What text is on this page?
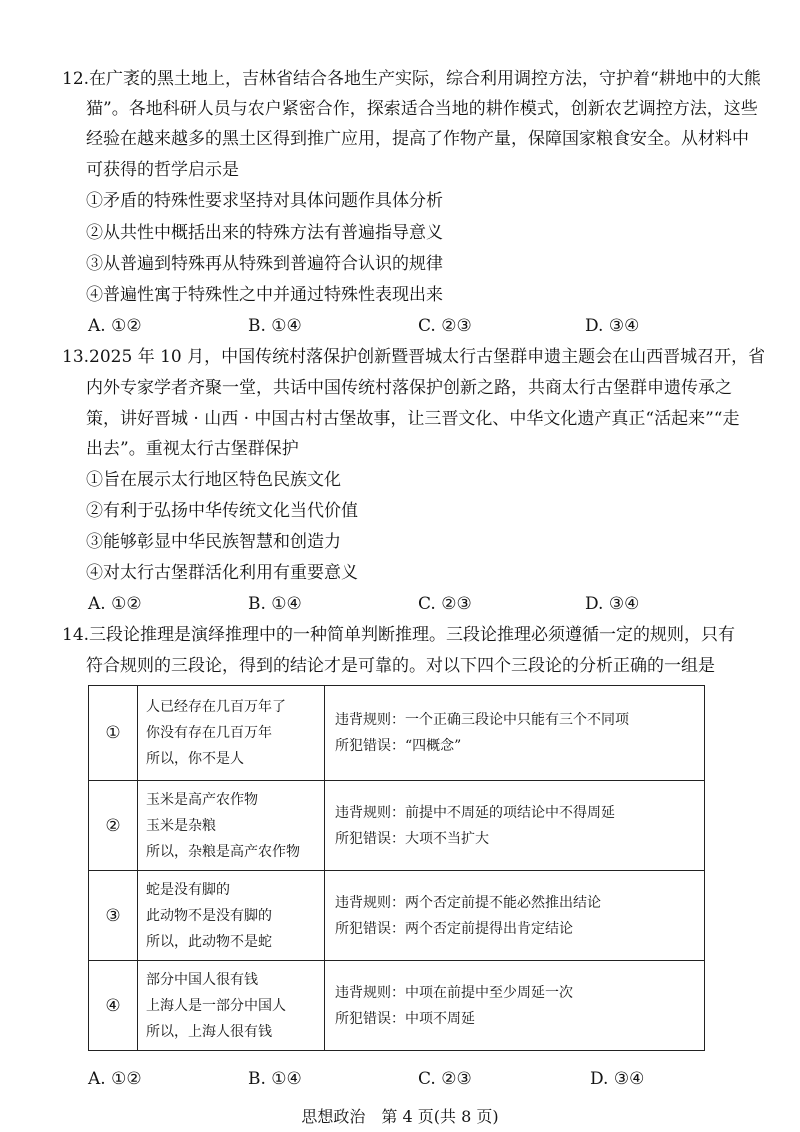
12.在广袤的黑土地上，吉林省结合各地生产实际，综合利用调控方法，守护着“耕地中的大熊
猫”。各地科研人员与农户紧密合作，探索适合当地的耕作模式，创新农艺调控方法，这些
经验在越来越多的黑土区得到推广应用，提高了作物产量，保障国家粮食安全。从材料中
可获得的哲学启示是
①矛盾的特殊性要求坚持对具体问题作具体分析
②从共性中概括出来的特殊方法有普遍指导意义
③从普遍到特殊再从特殊到普遍符合认识的规律
④普遍性寓于特殊性之中并通过特殊性表现出来
A. ①②	B. ①④	C. ②③	D. ③④
13.2025 年 10 月，中国传统村落保护创新暨晋城太行古堡群申遗主题会在山西晋城召开，省
内外专家学者齐聚一堂，共话中国传统村落保护创新之路，共商太行古堡群申遗传承之
策，讲好晋城 · 山西 · 中国古村古堡故事，让三晋文化、中华文化遗产真正“活起来”“走
出去”。重视太行古堡群保护
①旨在展示太行地区特色民族文化
②有利于弘扬中华传统文化当代价值
③能够彰显中华民族智慧和创造力
④对太行古堡群活化利用有重要意义
A. ①②	B. ①④	C. ②③	D. ③④
14.三段论推理是演绎推理中的一种简单判断推理。三段论推理必须遵循一定的规则，只有
符合规则的三段论，得到的结论才是可靠的。对以下四个三段论的分析正确的一组是
①	人已经存在几百万年了
你没有存在几百万年
所以，你不是人	违背规则：一个正确三段论中只能有三个不同项
所犯错误：“四概念”

②	玉米是高产农作物
玉米是杂粮
所以，杂粮是高产农作物	违背规则：前提中不周延的项结论中不得周延
所犯错误：大项不当扩大

③	蛇是没有脚的
此动物不是没有脚的
所以，此动物不是蛇	违背规则：两个否定前提不能必然推出结论
所犯错误：两个否定前提得出肯定结论

④	部分中国人很有钱
上海人是一部分中国人
所以，上海人很有钱	违背规则：中项在前提中至少周延一次
所犯错误：中项不周延
A. ①②	B. ①④	C. ②③	D. ③④
思想政治　第 4 页(共 8 页)
